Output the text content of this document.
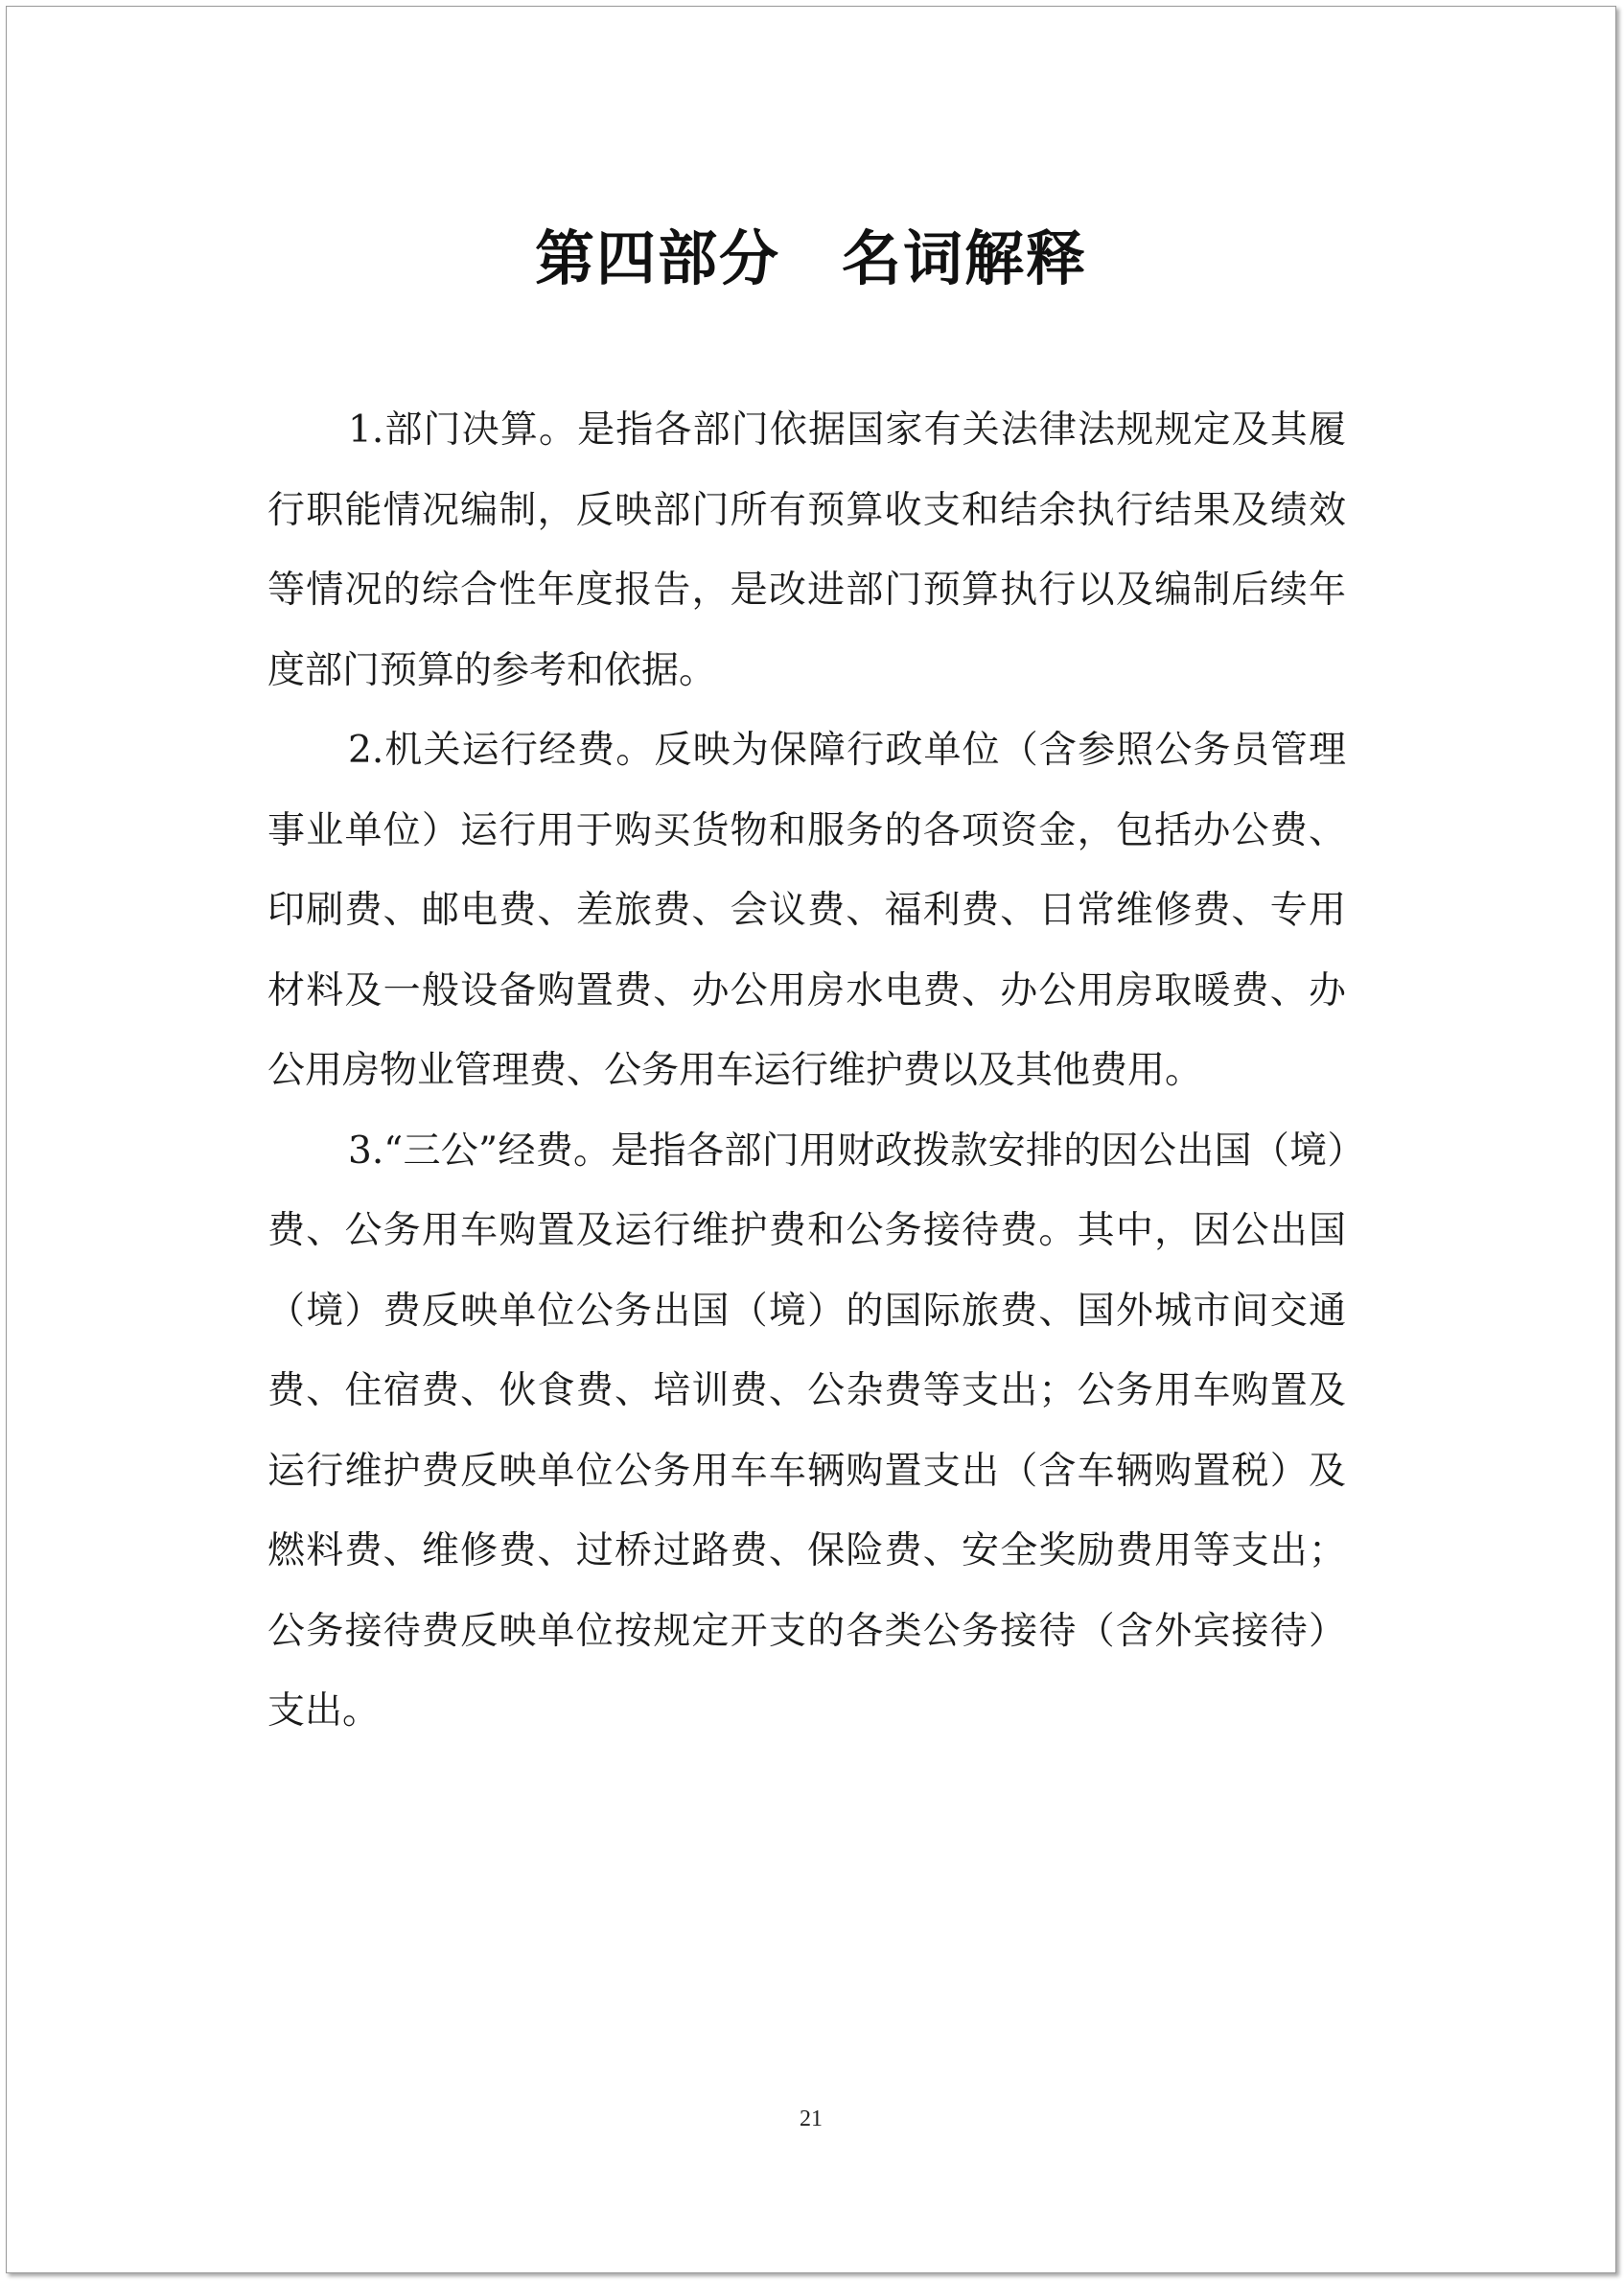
第四部分　名词解释

1.部门决算。是指各部门依据国家有关法律法规规定及其履行职能情况编制，反映部门所有预算收支和结余执行结果及绩效等情况的综合性年度报告，是改进部门预算执行以及编制后续年度部门预算的参考和依据。

2.机关运行经费。反映为保障行政单位（含参照公务员管理事业单位）运行用于购买货物和服务的各项资金，包括办公费、印刷费、邮电费、差旅费、会议费、福利费、日常维修费、专用材料及一般设备购置费、办公用房水电费、办公用房取暖费、办公用房物业管理费、公务用车运行维护费以及其他费用。

3.“三公”经费。是指各部门用财政拨款安排的因公出国（境）费、公务用车购置及运行维护费和公务接待费。其中，因公出国（境）费反映单位公务出国（境）的国际旅费、国外城市间交通费、住宿费、伙食费、培训费、公杂费等支出；公务用车购置及运行维护费反映单位公务用车车辆购置支出（含车辆购置税）及燃料费、维修费、过桥过路费、保险费、安全奖励费用等支出；公务接待费反映单位按规定开支的各类公务接待（含外宾接待）支出。

21
